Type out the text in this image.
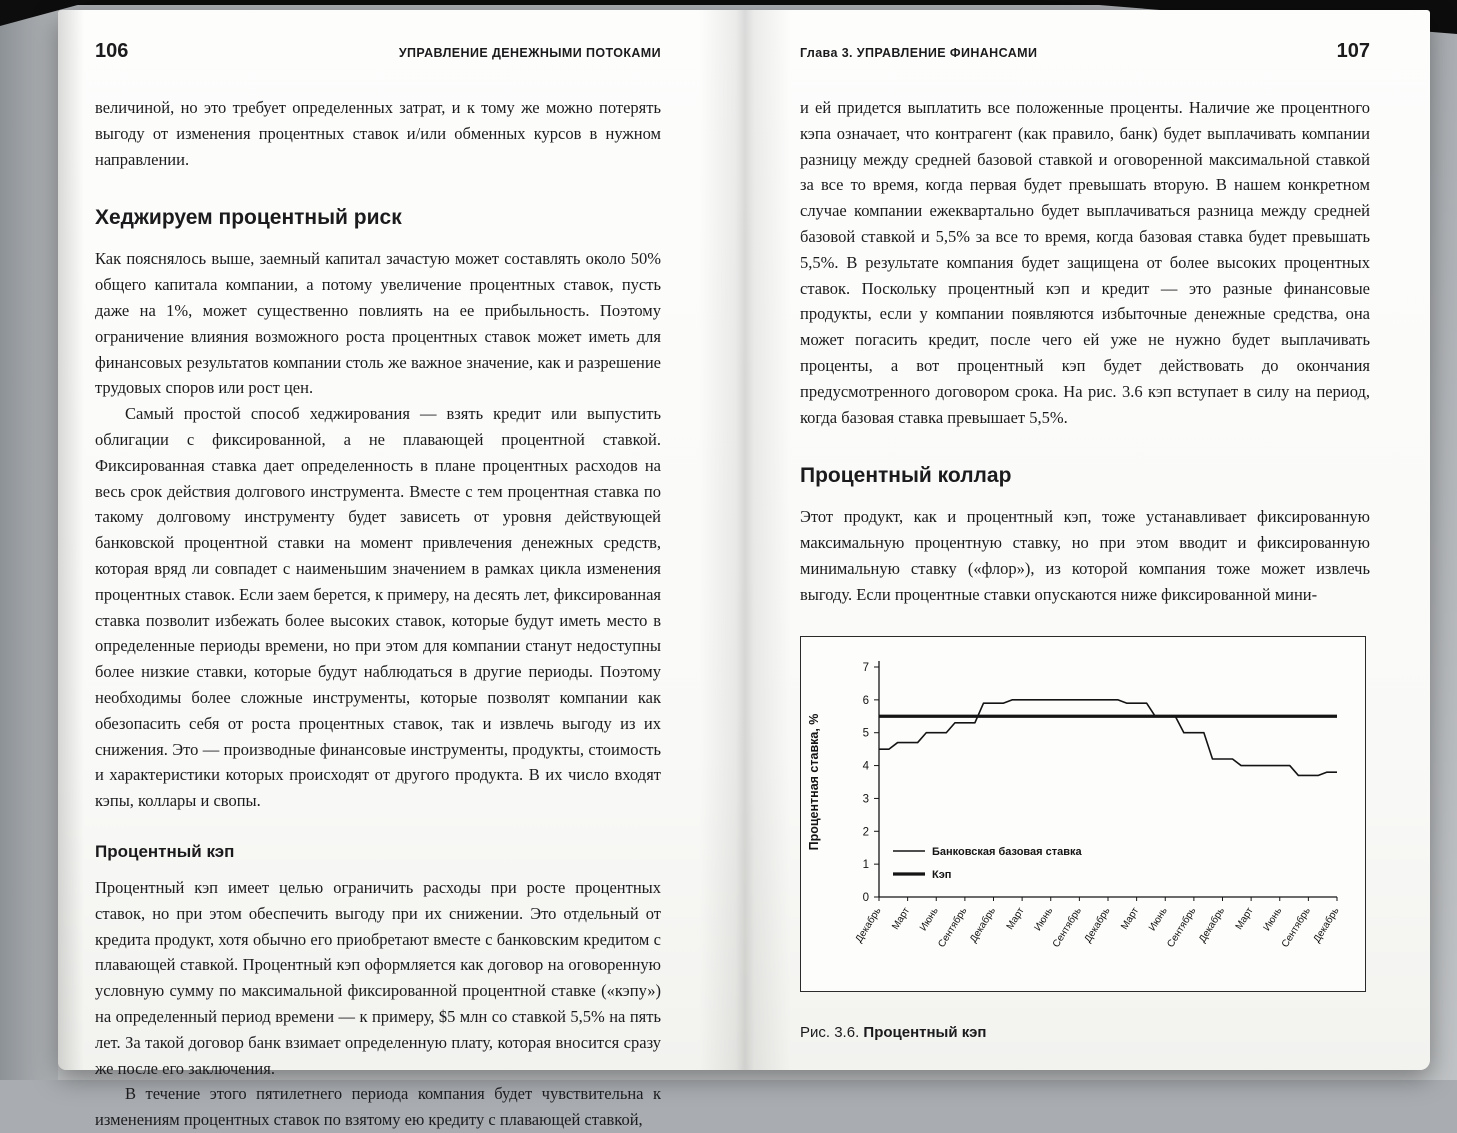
106	УПРАВЛЕНИЕ ДЕНЕЖНЫМИ ПОТОКАМИ

величиной, но это требует определенных затрат, и к тому же можно потерять выгоду от изменения процентных ставок и/или обменных курсов в нужном направлении.

Хеджируем процентный риск

Как пояснялось выше, заемный капитал зачастую может составлять около 50% общего капитала компании, а потому увеличение процентных ставок, пусть даже на 1%, может существенно повлиять на ее прибыльность. Поэтому ограничение влияния возможного роста процентных ставок может иметь для финансовых результатов компании столь же важное значение, как и разрешение трудовых споров или рост цен.

Самый простой способ хеджирования — взять кредит или выпустить облигации с фиксированной, а не плавающей процентной ставкой. Фиксированная ставка дает определенность в плане процентных расходов на весь срок действия долгового инструмента. Вместе с тем процентная ставка по такому долговому инструменту будет зависеть от уровня действующей банковской процентной ставки на момент привлечения денежных средств, которая вряд ли совпадет с наименьшим значением в рамках цикла изменения процентных ставок. Если заем берется, к примеру, на десять лет, фиксированная ставка позволит избежать более высоких ставок, которые будут иметь место в определенные периоды времени, но при этом для компании станут недоступны более низкие ставки, которые будут наблюдаться в другие периоды. Поэтому необходимы более сложные инструменты, которые позволят компании как обезопасить себя от роста процентных ставок, так и извлечь выгоду из их снижения. Это — производные финансовые инструменты, продукты, стоимость и характеристики которых происходят от другого продукта. В их число входят кэпы, коллары и свопы.

Процентный кэп

Процентный кэп имеет целью ограничить расходы при росте процентных ставок, но при этом обеспечить выгоду при их снижении. Это отдельный от кредита продукт, хотя обычно его приобретают вместе с банковским кредитом с плавающей ставкой. Процентный кэп оформляется как договор на оговоренную условную сумму по максимальной фиксированной процентной ставке («кэпу») на определенный период времени — к примеру, $5 млн со ставкой 5,5% на пять лет. За такой договор банк взимает определенную плату, которая вносится сразу же после его заключения.

В течение этого пятилетнего периода компания будет чувствительна к изменениям процентных ставок по взятому ею кредиту с плавающей ставкой,

Глава 3. УПРАВЛЕНИЕ ФИНАНСАМИ	107

и ей придется выплатить все положенные проценты. Наличие же процентного кэпа означает, что контрагент (как правило, банк) будет выплачивать компании разницу между средней базовой ставкой и оговоренной максимальной ставкой за все то время, когда первая будет превышать вторую. В нашем конкретном случае компании ежеквартально будет выплачиваться разница между средней базовой ставкой и 5,5% за все то время, когда базовая ставка будет превышать 5,5%. В результате компания будет защищена от более высоких процентных ставок. Поскольку процентный кэп и кредит — это разные финансовые продукты, если у компании появляются избыточные денежные средства, она может погасить кредит, после чего ей уже не нужно будет выплачивать проценты, а вот процентный кэп будет действовать до окончания предусмотренного договором срока. На рис. 3.6 кэп вступает в силу на период, когда базовая ставка превышает 5,5%.

Процентный коллар

Этот продукт, как и процентный кэп, тоже устанавливает фиксированную максимальную процентную ставку, но при этом вводит и фиксированную минимальную ставку («флор»), из которой компания тоже может извлечь выгоду. Если процентные ставки опускаются ниже фиксированной мини-

0
1
2
3
4
5
6
7
Декабрь Март Июнь
Сентябрь
Декабрь Март Июнь
Сентябрь
Декабрь Март Июнь
Сентябрь
Декабрь Март Июнь
Сентябрь
Декабрь
Процентная ставка, %
Банковская базовая ставка
Кэп

Рис. 3.6. Процентный кэп
